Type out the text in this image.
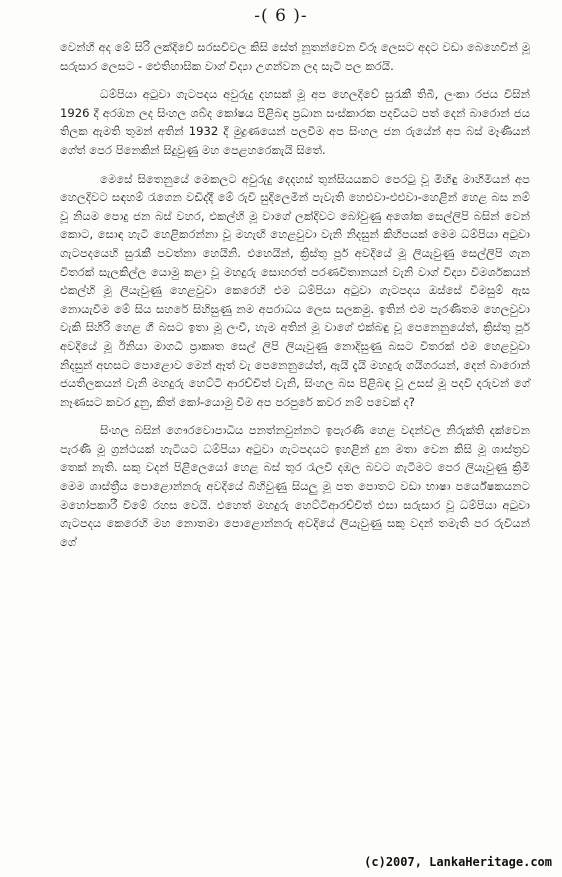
-( 6 )-

වෙන්හි අද මේ සිරි ලක්දිවේ සරසවිවල කිසි සේත් නූතන්වෙන විරූ ලෙසට අදට වඩා බෙහෙවින් මූ සරුසාර ලෙසට - ඓතිහාසික වාග් විද්‍යා උගන්වන ලද සැටි පල කරයි.

ධම්පියා අටුවා ගැටපදය අවුරුදු දහසක් මූ අප හෙලදිවේ සුරැකී තිබී, ලංකා රජය විසින් 1926 දී අරඹන ලද සිංහල ශබ්ද කෝෂය පිළිබඳ ප්‍රධාන සංස්කාරක පදවියට පත් දෙන් බාරොන් ජය තිලක ඇමති තුමන් අතින් 1932 දී මුද්‍රණයෙන් පලවීම අප සිංහල ජන රුයේන් අප බස් මෑණියන් ගේත් පෙර පිනෙකින් සිදුවුණු මහ පෙළහරෙකැයි සිතේ.

මෙසේ සිතෙනුයේ මෙකලට අවුරුදු දෙදහස් තුන්සියයකට පෙරටු වූ මිහිඳු මාහිමියන් අප හෙලදිවට සඳහම් රැගෙන වඩිද්දී මේ රුවි සුදිලෙමින් පැවැති හෙළුවා-එළුවා-හෙළින් හෙළ බස නම් වූ නියම පොදු ජන බස් වහර, එකල්හි මූ වාගේ ලක්දිවට බෝවුණු අශෝක සෙල්ලිපි බසින් වෙන් කොට, සොඳ හැටි හෙළිකරන්නා වූ මහැඟි හෙළවුවා වැනි නිදසුන් කිහිපයක් මෙම ධම්පියා අටුවා ගැටපදයෙහි සුරැකී පවත්නා හෙයිනි. එහෙයින්, ක්‍රිස්තු පූර් අවදියේ මූ ලියැවුණු සෙල්ලිපි ගැන විතරක් සැලකිල්ල යොමු කළා වූ මහදුරු සොහරත් පරණවිතානයන් වැනි වාග් විද්‍යා විමර්ශකයන් එකල්හි මූ ලියැවුණු හෙළවුවා කෙරෙහි එම ධම්පියා අටුවා ගැටපදය ඔස්සේ විමසුම් ඇස නොයැවීම මේ සිය සහරේ සිහිසුණු නම අපරාධය ලෙස සලකමු. ඉතින් එම පැරණිතම හෙලවුවා වැකි සිහිරි හෙළ ගී බසට ඉතා මූ ලංවී, හැම අතින් මූ වාගේ එක්බඳු වූ පෙනෙනුයේත්, ක්‍රිස්තු පූර් අවදියේ මූ ඊනියා මාගධී ප්‍රාකෘත සෙල් ලිපි ලියැවුණු නොදිසුණු බසට විතරක් එම හෙළවුවා නිදසුන් අඟසට පොළොව මෙන් ඈත් වැ පෙනෙනුයේත්, ඇයි දැයි මහදුරු ගයිගරයන්, දෙන් බාරොන් ජයතිලකයන් වැනි මහදුරු හෙට්ටි ආරච්චිත් වැනි, සිංහල බස පිළිබඳ වූ උසස් මූ පදවි දරුවන් ගේ නෑණසට කවර දූනු, කිත් කෝ-යොමු වීම අප පරපුරේ කවර නම් පවෙක් ද?

සිංහල බසින් ගෞරවොපාධිය පනත්නවුන්නට ඉපැරණි හෙළ වදන්වල නිරුක්ති දක්වෙන පැරණි මූ ග්‍රන්ථයක් හැටියට ධම්පියා අටුවා ගැටපදයට ඉහළින් දුන මතා වෙන කිසි මූ ශාස්ත්‍රව තෙක් නැති. සකු වදන් පිළිලෙයෝ හෙළ බස් තුර රැලවී දඹල බවට ගැටීමට පෙර ලියැවුණු ක්‍රිමි මෙම ශාස්ත්‍රීය පොළොන්නරු අවදියේ බිහිවුණු සියලු මූ පත පොතට වඩා භාෂා පර්යේෂකයනට මහෝපකාරී විමේ රහස වෙයි. එහෙත් මහදුරු හෙට්ටිආරච්චිත් එසා සරුසාර වූ ධම්පියා අටුවා ගැටපදය කෙරෙහි මහ නොතමා පොළොන්නරු අවදියේ ලියැවුණු සකු වදන් තමැති පර රුවියන් ගේ

(c)2007, LankaHeritage.com
